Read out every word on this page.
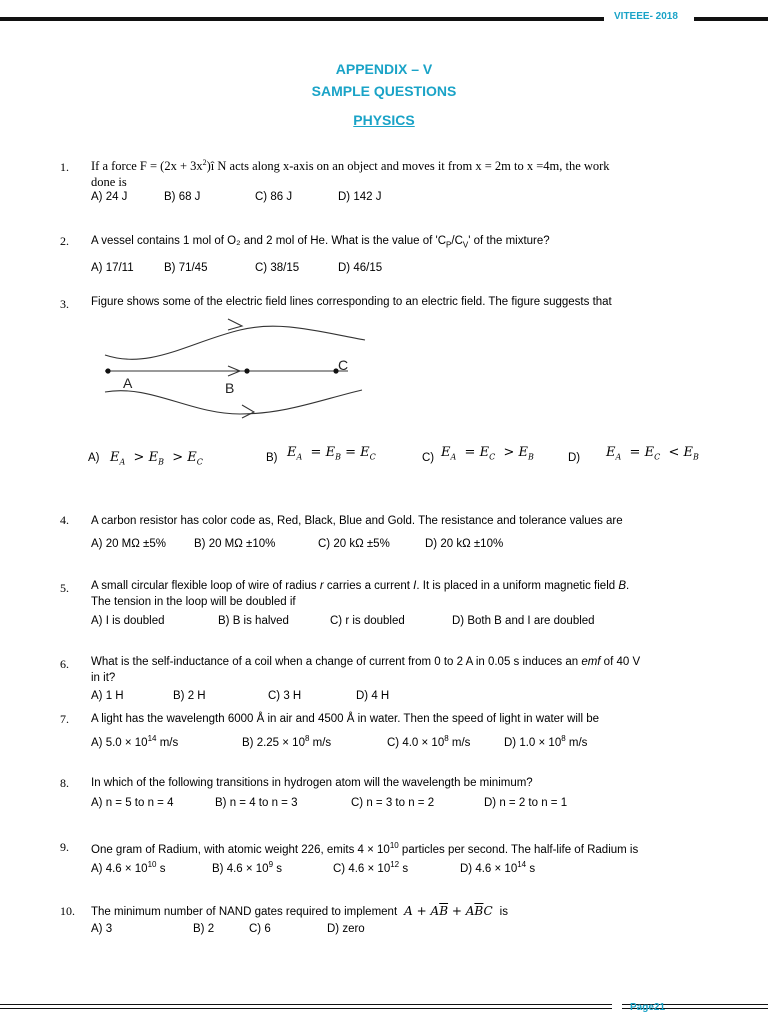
VITEEE- 2018
APPENDIX – V
SAMPLE QUESTIONS
PHYSICS
1. If a force $F = (2x + 3x^2)î$ N acts along x-axis on an object and moves it from x = 2m to x =4m, the work
done is
A) 24 J	B) 68 J	C) 86 J	D) 142 J
2. A vessel contains 1 mol of O₂ and 2 mol of He. What is the value of '$C_P/C_V$' of the mixture?
A) 17/11	B) 71/45	C) 38/15	D) 46/15
3. Figure shows some of the electric field lines corresponding to an electric field. The figure suggests that
A	B
C
A) $E_A > E_B > E_C$	B) $E_A = E_B = E_C$	C) $E_A = E_C > E_B$	D) $E_A = E_C < E_B$
4. A carbon resistor has color code as, Red, Black, Blue and Gold. The resistance and tolerance values are
A) 20 MΩ ±5% B) 20 MΩ ±10%	C) 20 kΩ ±5%	D) 20 kΩ ±10%
5. A small circular flexible loop of wire of radius r carries a current I. It is placed in a uniform magnetic field B.
The tension in the loop will be doubled if
A) I is doubled	B) B is halved	C) r is doubled	D) Both B and I are doubled
6. What is the self-inductance of a coil when a change of current from 0 to 2 A in 0.05 s induces an emf of 40 V
in it?
A) 1 H	B) 2 H	C) 3 H	D) 4 H
7. A light has the wavelength 6000 Å in air and 4500 Å in water. Then the speed of light in water will be
A) $5.0 \times 10^{14}$ m/s	B) $2.25 \times 10^8$ m/s	C) $4.0 \times 10^8$ m/s	D) $1.0 \times 10^8$ m/s
8. In which of the following transitions in hydrogen atom will the wavelength be minimum?
A) n = 5 to n = 4	B) n = 4 to n = 3	C) n = 3 to n = 2	D) n = 2 to n = 1
9. One gram of Radium, with atomic weight 226, emits $4 \times 10^{10}$ particles per second. The half-life of Radium is
A) $4.6 \times 10^{10}$ s	B) $4.6 \times 10^9$ s	C) $4.6 \times 10^{12}$ s	D) $4.6 \times 10^{14}$ s
10. The minimum number of NAND gates required to implement  $A + A\overline{B} + A\overline{B}C$  is
A) 3	B) 2	C) 6	D) zero
Page21
